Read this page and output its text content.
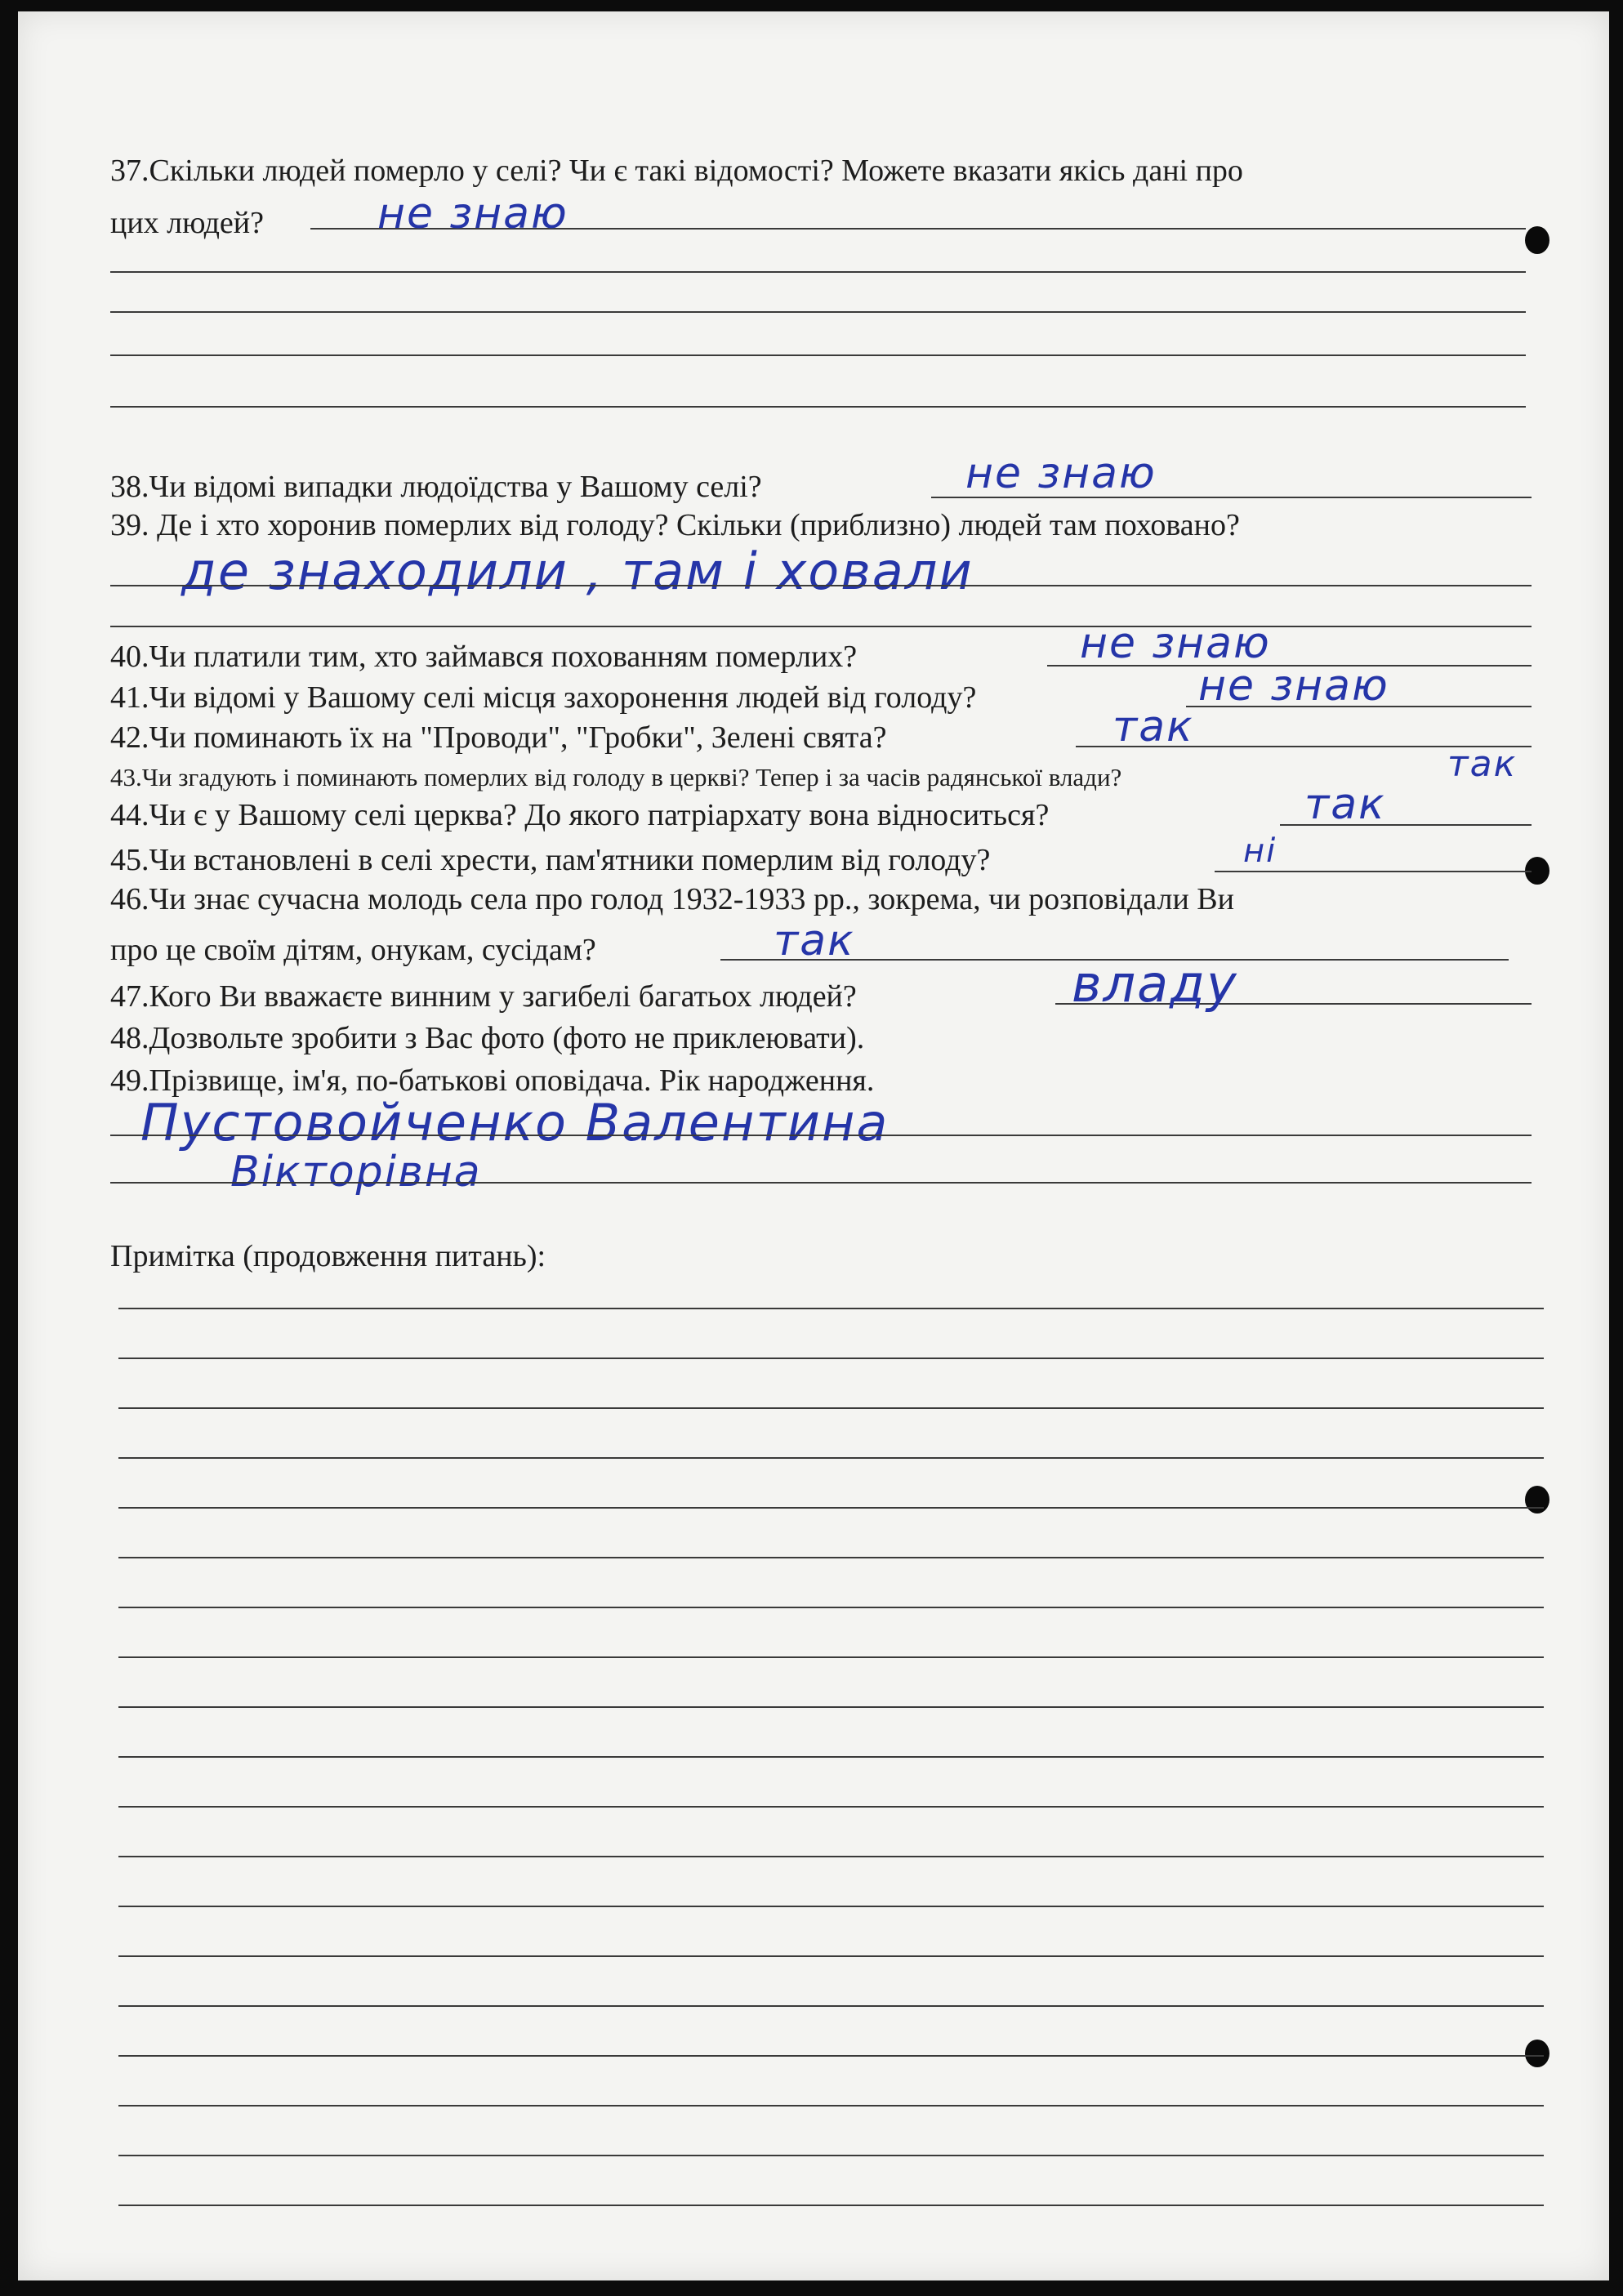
37.Скільки людей померло у селі? Чи є такі відомості? Можете вказати якісь дані про
цих людей?	не знаю
38.Чи відомі випадки людоїдства у Вашому селі?	не знаю
39. Де і хто хоронив померлих від голоду? Скільки (приблизно) людей там поховано?
де знаходили , там і ховали
40.Чи платили тим, хто займався похованням померлих?	не знаю
41.Чи відомі у Вашому селі місця захоронення людей від голоду?	не знаю
42.Чи поминають їх на "Проводи", "Гробки", Зелені свята?	так
43.Чи згадують і поминають померлих від голоду в церкві? Тепер і за часів радянської влади?	так
44.Чи є у Вашому селі церква? До якого патріархату вона відноситься?	так
45.Чи встановлені в селі хрести, пам'ятники померлим від голоду?	ні
46.Чи знає сучасна молодь села про голод 1932-1933 рр., зокрема, чи розповідали Ви
про це своїм дітям, онукам, сусідам?	так
47.Кого Ви вважаєте винним у загибелі багатьох людей?	владу
48.Дозвольте зробити з Вас фото (фото не приклеювати).
49.Прізвище, ім'я, по-батькові оповідача. Рік народження.
Пустовойченко Валентина
Вікторівна
Примітка (продовження питань):
